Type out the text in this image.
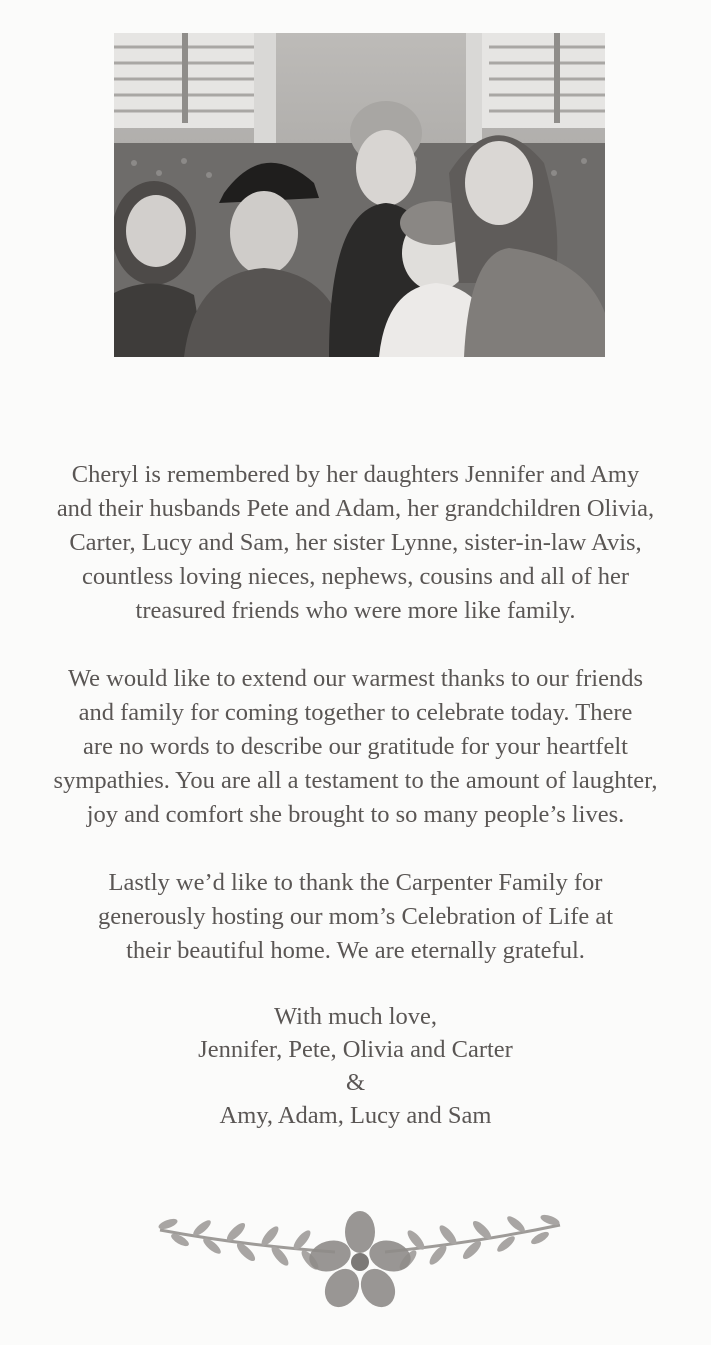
Cheryl is remembered by her daughters Jennifer and Amy
and their husbands Pete and Adam, her grandchildren Olivia,
Carter, Lucy and Sam, her sister Lynne, sister-in-law Avis,
countless loving nieces, nephews, cousins and all of her
treasured friends who were more like family.
We would like to extend our warmest thanks to our friends
and family for coming together to celebrate today. There
are no words to describe our gratitude for your heartfelt
sympathies. You are all a testament to the amount of laughter,
joy and comfort she brought to so many people’s lives.
Lastly we’d like to thank the Carpenter Family for
generously hosting our mom’s Celebration of Life at
their beautiful home. We are eternally grateful.
With much love,
Jennifer, Pete, Olivia and Carter
&
Amy, Adam, Lucy and Sam
